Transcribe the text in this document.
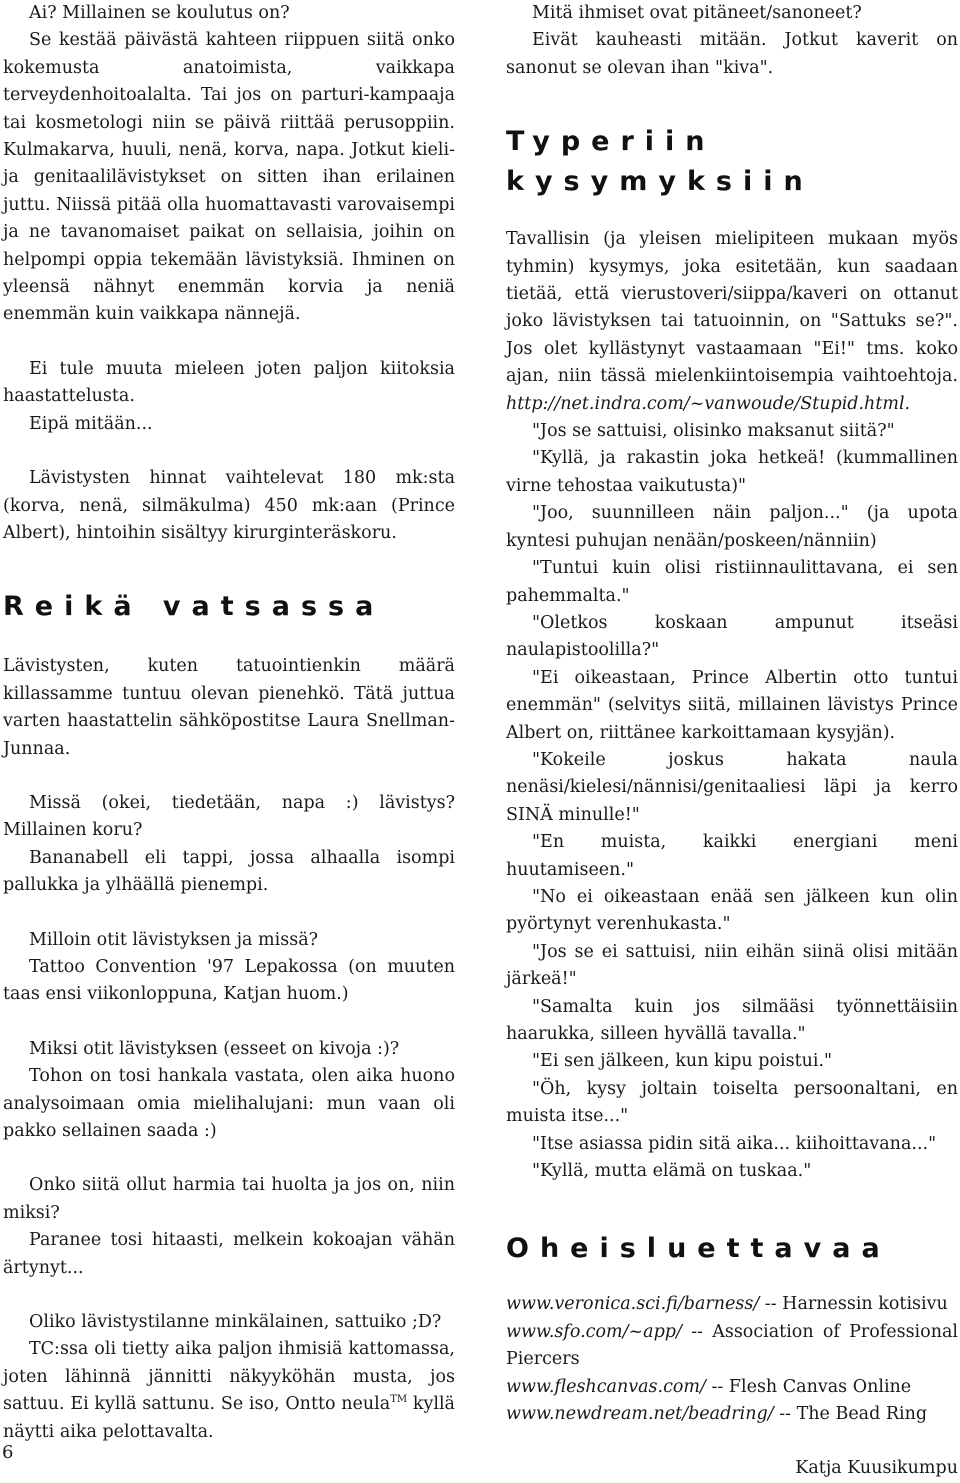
Ai? Millainen se koulutus on?

Se kestää päivästä kahteen riippuen siitä onko kokemusta anatoimista, vaikkapa terveydenhoitoalalta. Tai jos on parturi-kampaaja tai kosmetologi niin se päivä riittää perusoppiin. Kulmakarva, huuli, nenä, korva, napa. Jotkut kieli- ja genitaalilävistykset on sitten ihan erilainen juttu. Niissä pitää olla huomattavasti varovaisempi ja ne tavanomaiset paikat on sellaisia, joihin on helpompi oppia tekemään lävistyksiä. Ihminen on yleensä nähnyt enemmän korvia ja neniä enemmän kuin vaikkapa nännejä.

Ei tule muuta mieleen joten paljon kiitoksia haastattelusta.

Eipä mitään...

Lävistysten hinnat vaihtelevat 180 mk:sta (korva, nenä, silmäkulma) 450 mk:aan (Prince Albert), hintoihin sisältyy kirurginteräskoru.

Reikä vatsassa

Lävistysten, kuten tatuointienkin määrä killassamme tuntuu olevan pienehkö. Tätä juttua varten haastattelin sähköpostitse Laura Snellman-Junnaa.

Missä (okei, tiedetään, napa :) lävistys? Millainen koru?

Bananabell eli tappi, jossa alhaalla isompi pallukka ja ylhäällä pienempi.

Milloin otit lävistyksen ja missä?

Tattoo Convention '97 Lepakossa (on muuten taas ensi viikonloppuna, Katjan huom.)

Miksi otit lävistyksen (esseet on kivoja :)?

Tohon on tosi hankala vastata, olen aika huono analysoimaan omia mielihalujani: mun vaan oli pakko sellainen saada :)

Onko siitä ollut harmia tai huolta ja jos on, niin miksi?

Paranee tosi hitaasti, melkein kokoajan vähän ärtynyt...

Oliko lävistystilanne minkälainen, sattuiko ;D?

TC:ssa oli tietty aika paljon ihmisiä kattomassa, joten lähinnä jännitti näkyyköhän musta, jos sattuu. Ei kyllä sattunu. Se iso, Ontto neula™ kyllä näytti aika pelottavalta.

Mitä ihmiset ovat pitäneet/sanoneet?

Eivät kauheasti mitään. Jotkut kaverit on sanonut se olevan ihan "kiva".

Typeriin kysymyksiin

Tavallisin (ja yleisen mielipiteen mukaan myös tyhmin) kysymys, joka esitetään, kun saadaan tietää, että vierustoveri/siippa/kaveri on ottanut joko lävistyksen tai tatuoinnin, on "Sattuks se?". Jos olet kyllästynyt vastaamaan "Ei!" tms. koko ajan, niin tässä mielenkiintoisempia vaihtoehtoja. http://net.indra.com/~vanwoude/Stupid.html.

"Jos se sattuisi, olisinko maksanut siitä?"

"Kyllä, ja rakastin joka hetkeä! (kummallinen virne tehostaa vaikutusta)"

"Joo, suunnilleen näin paljon..." (ja upota kyntesi puhujan nenään/poskeen/nänniin)

"Tuntui kuin olisi ristiinnaulittavana, ei sen pahemmalta."

"Oletkos koskaan ampunut itseäsi naulapistoolilla?"

"Ei oikeastaan, Prince Albertin otto tuntui enemmän" (selvitys siitä, millainen lävistys Prince Albert on, riittänee karkoittamaan kysyjän).

"Kokeile joskus hakata naula nenäsi/kielesi/nännisi/genitaaliesi läpi ja kerro SINÄ minulle!"

"En muista, kaikki energiani meni huutamiseen."

"No ei oikeastaan enää sen jälkeen kun olin pyörtynyt verenhukasta."

"Jos se ei sattuisi, niin eihän siinä olisi mitään järkeä!"

"Samalta kuin jos silmääsi työnnettäisiin haarukka, silleen hyvällä tavalla."

"Ei sen jälkeen, kun kipu poistui."

"Öh, kysy joltain toiselta persoonaltani, en muista itse..."

"Itse asiassa pidin sitä aika... kiihoittavana..."

"Kyllä, mutta elämä on tuskaa."

Oheisluettavaa

www.veronica.sci.fi/barness/ -- Harnessin kotisivu

www.sfo.com/~app/ -- Association of Professional Piercers

www.fleshcanvas.com/ -- Flesh Canvas Online

www.newdream.net/beadring/ -- The Bead Ring

Katja Kuusikumpu

6
